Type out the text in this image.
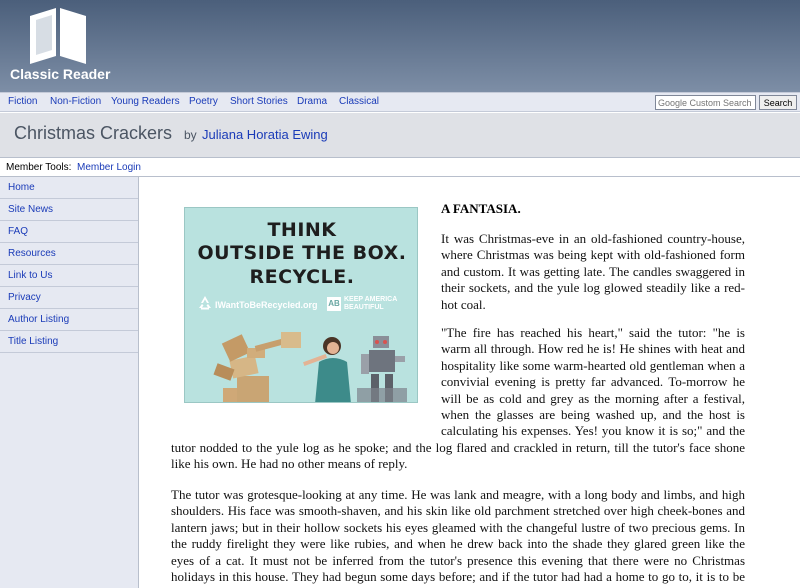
Classic Reader
Fiction Non-Fiction Young Readers Poetry Short Stories Drama Classical
Google Custom Search	Search
Christmas Crackers by Juliana Horatia Ewing
Member Tools: Member Login
Home
Site News
FAQ
Resources
Link to Us
Privacy
Author Listing
Title Listing
THINK
OUTSIDE THE BOX.
RECYCLE.
IWantToBeRecycled.org AB KEEP AMERICA
BEAUTIFUL
A FANTASIA.
It was Christmas-eve in an old-fashioned country-house,
where Christmas was being kept with old-fashioned form
and custom. It was getting late. The candles swaggered in
their sockets, and the yule log glowed steadily like a red-
hot coal.
"The fire has reached his heart," said the tutor: "he is
warm all through. How red he is! He shines with heat and
hospitality like some warm-hearted old gentleman when a
convivial evening is pretty far advanced. To-morrow he
will be as cold and grey as the morning after a festival,
when the glasses are being washed up, and the host is
calculating his expenses. Yes! you know it is so;" and the
tutor nodded to the yule log as he spoke; and the log flared and crackled in return, till the tutor's face shone
like his own. He had no other means of reply.
The tutor was grotesque-looking at any time. He was lank and meagre, with a long body and limbs, and high
shoulders. His face was smooth-shaven, and his skin like old parchment stretched over high cheek-bones and
lantern jaws; but in their hollow sockets his eyes gleamed with the changeful lustre of two precious gems. In
the ruddy firelight they were like rubies, and when he drew back into the shade they glared green like the
eyes of a cat. It must not be inferred from the tutor's presence this evening that there were no Christmas
holidays in this house. They had begun some days before; and if the tutor had had a home to go to, it is to be
